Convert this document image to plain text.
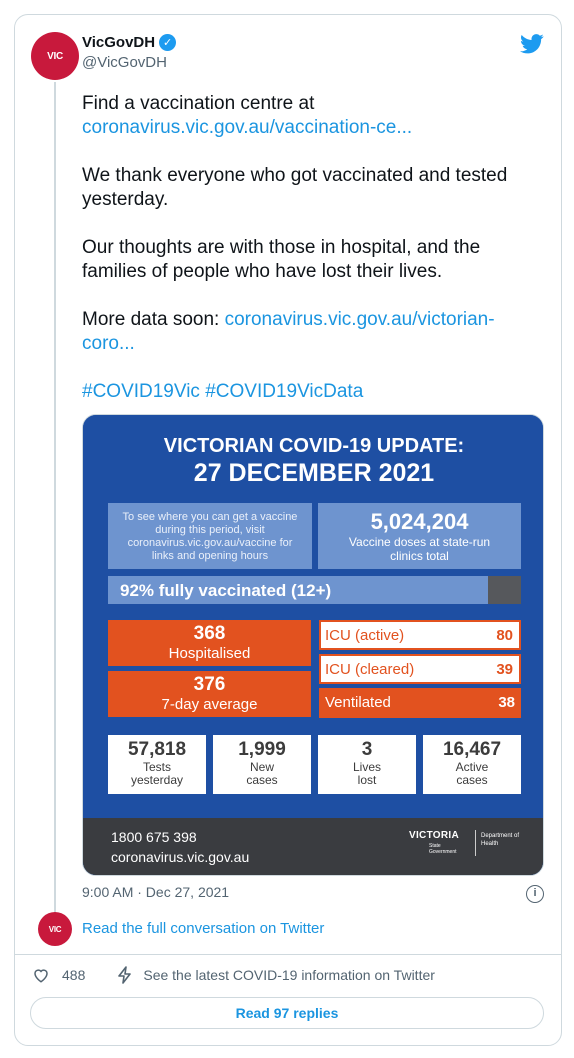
VIC
VicGovDH ✓
@VicGovDH

Find a vaccination centre at
coronavirus.vic.gov.au/vaccination-ce...

We thank everyone who got vaccinated and tested yesterday.

Our thoughts are with those in hospital, and the families of people who have lost their lives.

More data soon: coronavirus.vic.gov.au/victorian-coro...

#COVID19Vic #COVID19VicData

VICTORIAN COVID-19 UPDATE:
27 DECEMBER 2021
To see where you can get a vaccine during this period, visit coronavirus.vic.gov.au/vaccine for links and opening hours
5,024,204
Vaccine doses at state-run clinics total
92% fully vaccinated (12+)
368
Hospitalised
376
7-day average
ICU (active)	80
ICU (cleared)	39
Ventilated	38
57,818
Tests yesterday
1,999
New cases
3
Lives lost
16,467
Active cases
1800 675 398
coronavirus.vic.gov.au
VICTORIA
State Government
Department of Health
9:00 AM · Dec 27, 2021	i
VIC Read the full conversation on Twitter
488	See the latest COVID-19 information on Twitter
Read 97 replies
